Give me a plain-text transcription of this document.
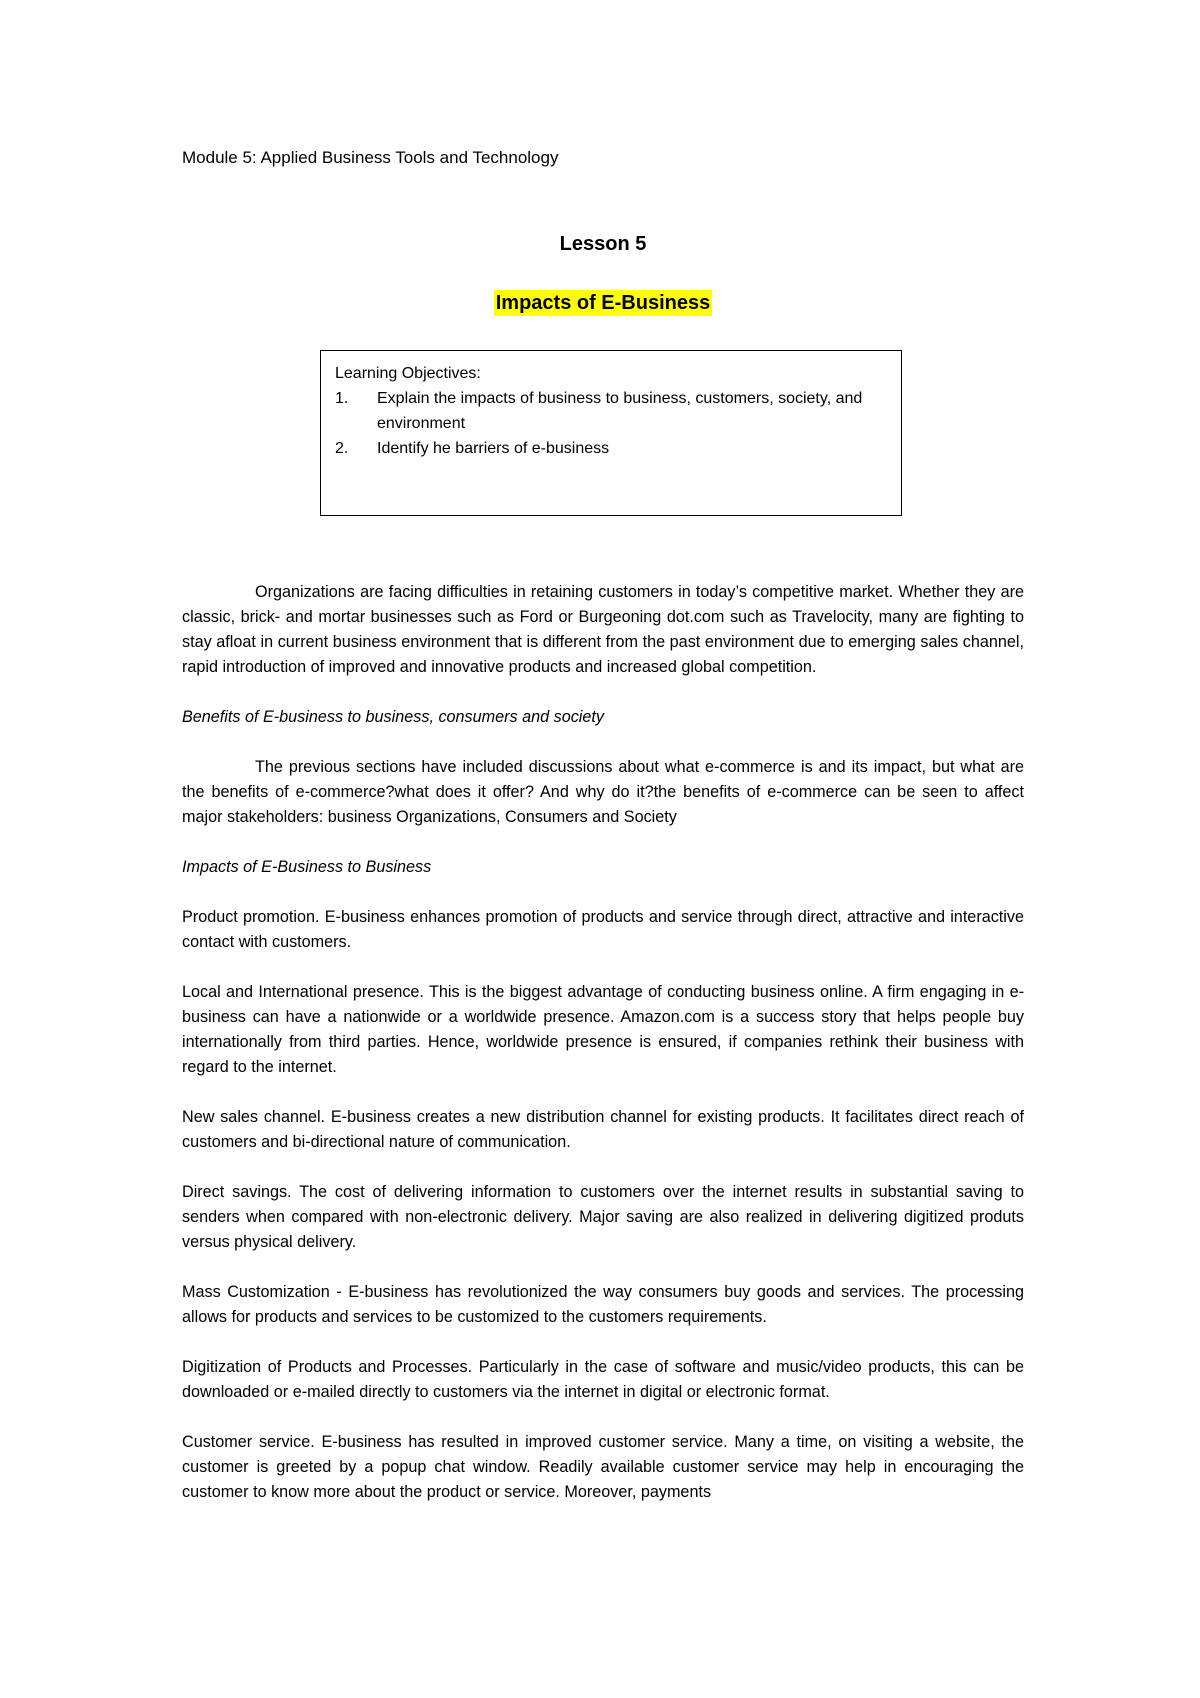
Module 5: Applied Business Tools and Technology

Lesson 5
Impacts of E-Business

Learning Objectives:

1. Explain the impacts of business to business, customers, society, and environment
2. Identify he barriers of e-business

Organizations are facing difficulties in retaining customers in today’s competitive market. Whether they are classic, brick- and mortar businesses such as Ford or Burgeoning dot.com such as Travelocity, many are fighting to stay afloat in current business environment that is different from the past environment due to emerging sales channel, rapid introduction of improved and innovative products and increased global competition.

Benefits of E-business to business, consumers and society

The previous sections have included discussions about what e-commerce is and its impact, but what are the benefits of e-commerce?what does it offer? And why do it?the benefits of e-commerce can be seen to affect major stakeholders: business Organizations, Consumers and Society

Impacts of E-Business to Business

Product promotion. E-business enhances promotion of products and service through direct, attractive and interactive contact with customers.

Local and International presence. This is the biggest advantage of conducting business online. A firm engaging in e-business can have a nationwide or a worldwide presence. Amazon.com is a success story that helps people buy internationally from third parties. Hence, worldwide presence is ensured, if companies rethink their business with regard to the internet.

New sales channel. E-business creates a new distribution channel for existing products. It facilitates direct reach of customers and bi-directional nature of communication.

Direct savings. The cost of delivering information to customers over the internet results in substantial saving to senders when compared with non-electronic delivery. Major saving are also realized in delivering digitized produts versus physical delivery.

Mass Customization - E-business has revolutionized the way consumers buy goods and services. The processing allows for products and services to be customized to the customers requirements.

Digitization of Products and Processes. Particularly in the case of software and music/video products, this can be downloaded or e-mailed directly to customers via the internet in digital or electronic format.

Customer service. E-business has resulted in improved customer service. Many a time, on visiting a website, the customer is greeted by a popup chat window. Readily available customer service may help in encouraging the customer to know more about the product or service. Moreover, payments
